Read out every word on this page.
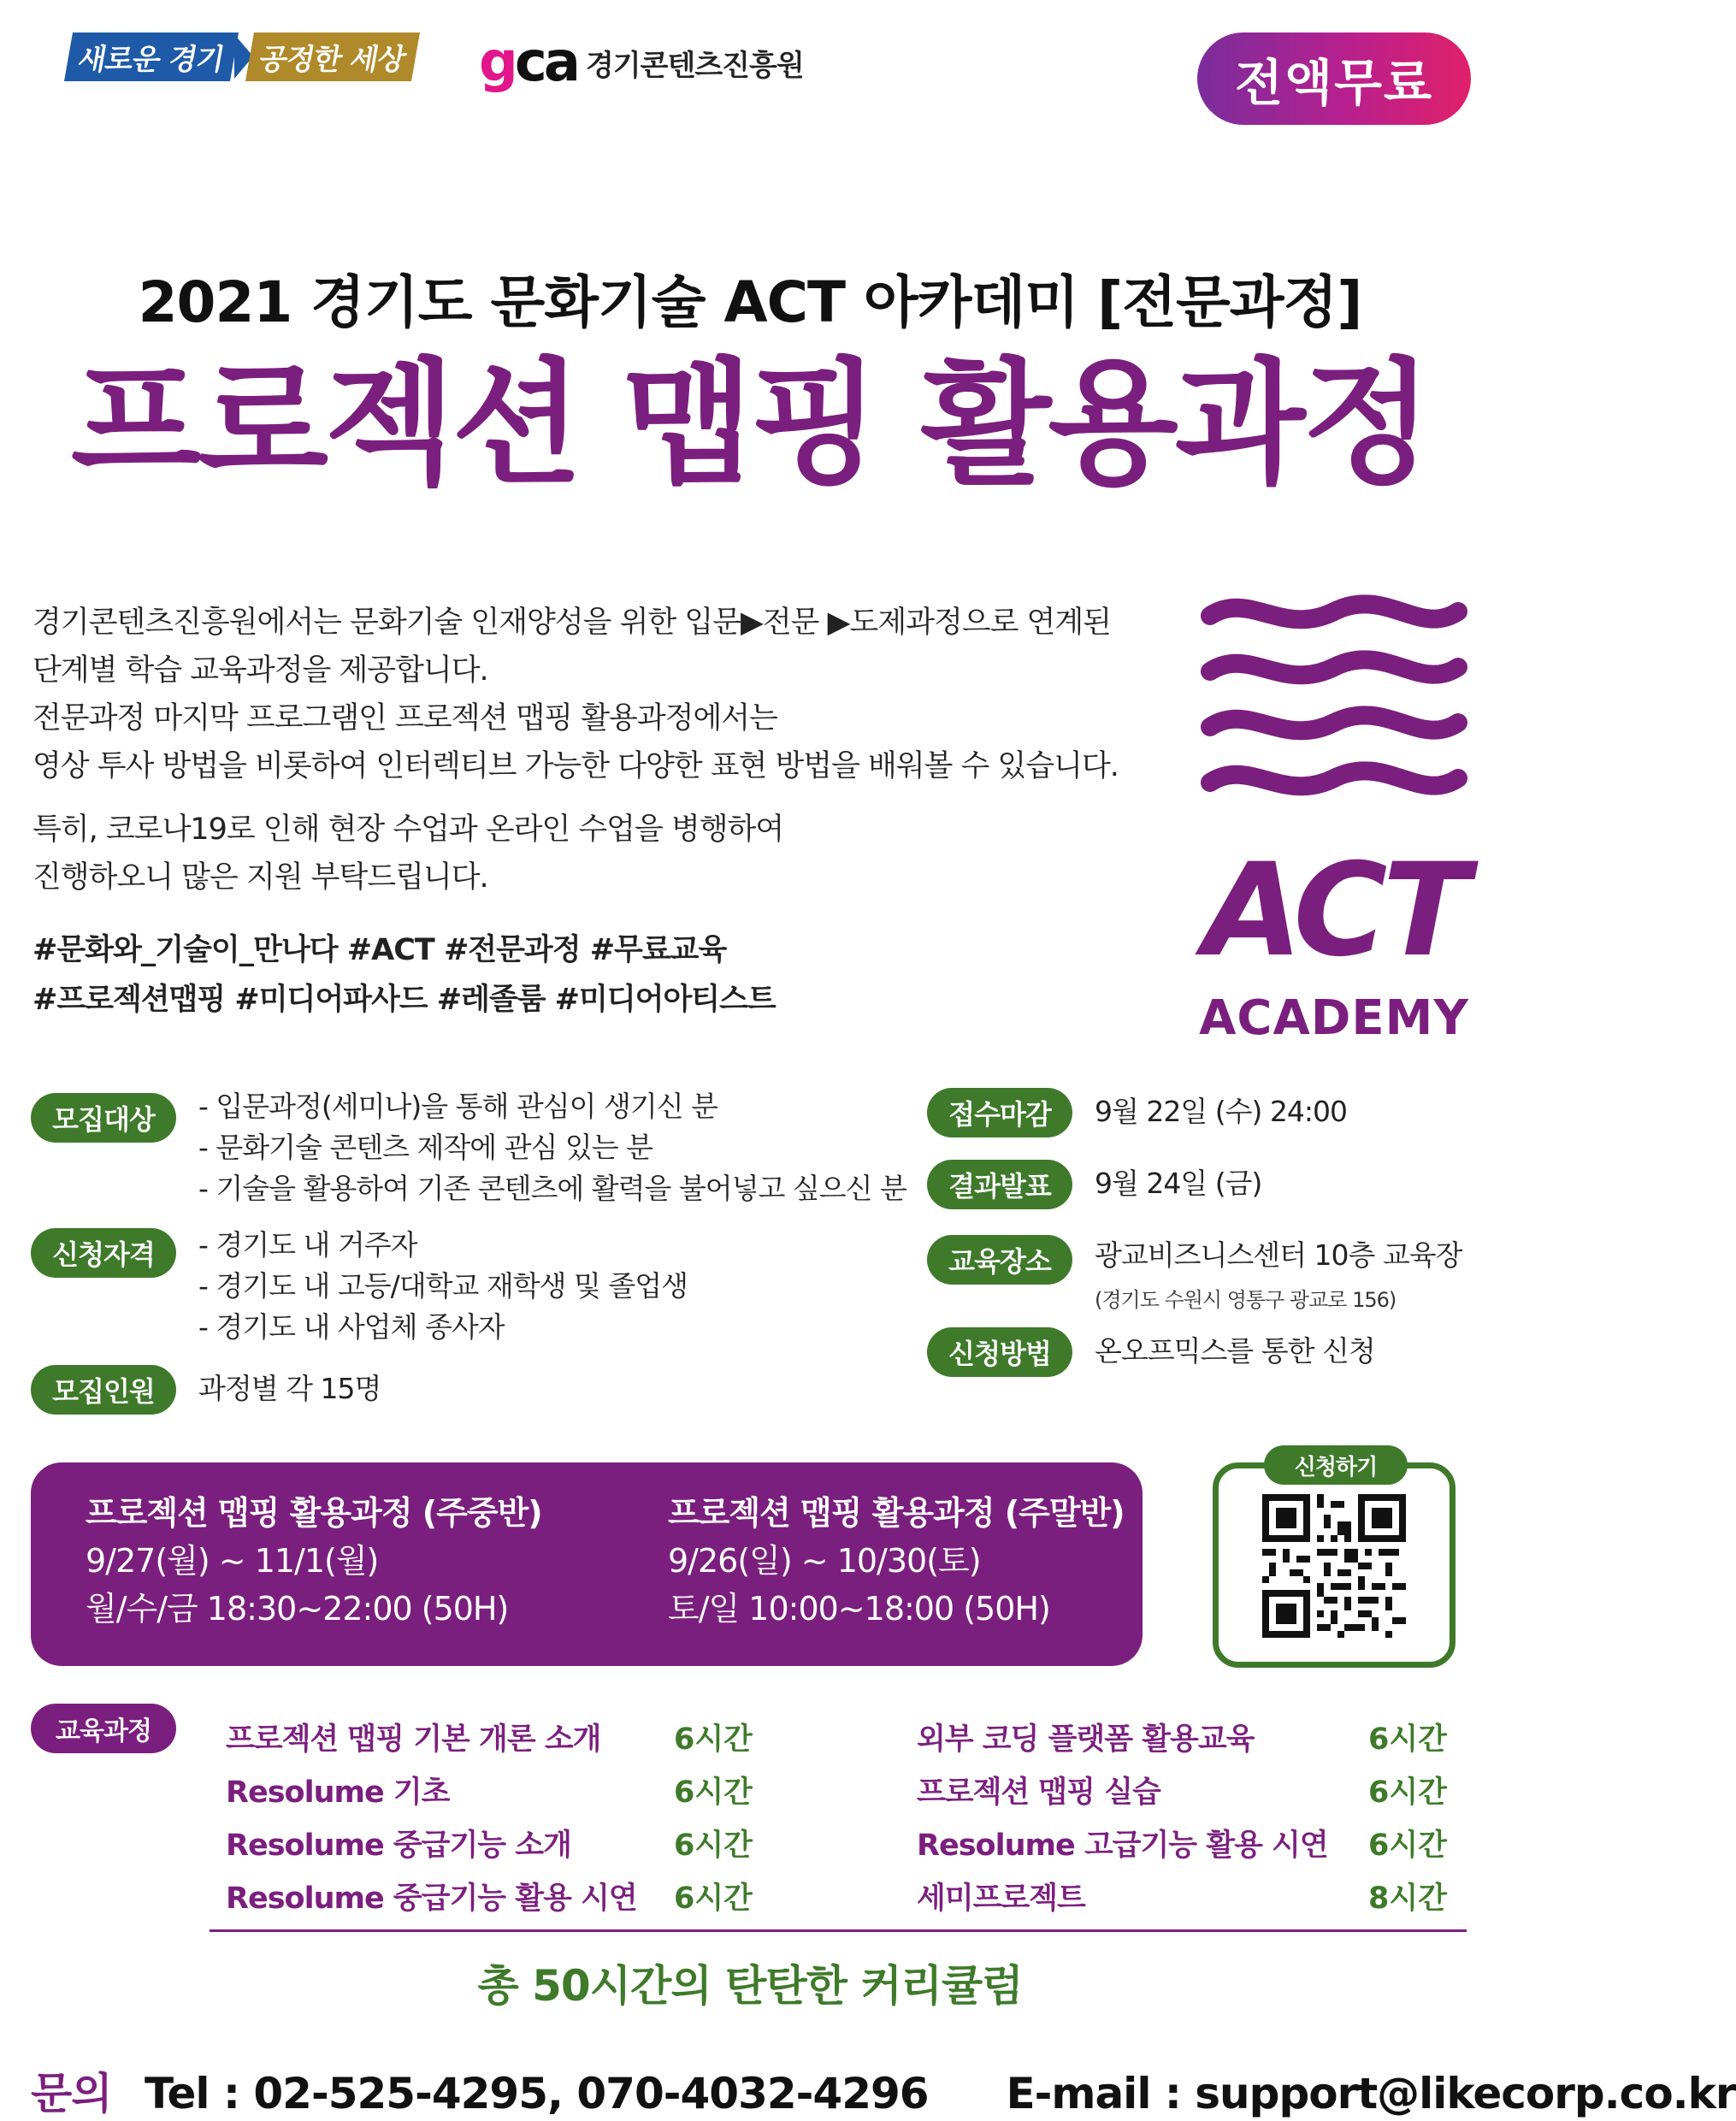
새로운 경기	공정한 세상 gca 경기콘텐츠진흥원	전액무료
2021 경기도 문화기술 ACT 아카데미 [전문과정]
프로젝션 맵핑 활용과정

경기콘텐츠진흥원에서는 문화기술 인재양성을 위한 입문▶전문 ▶도제과정으로 연계된

단계별 학습 교육과정을 제공합니다.

전문과정 마지막 프로그램인 프로젝션 맵핑 활용과정에서는

영상 투사 방법을 비롯하여 인터렉티브 가능한 다양한 표현 방법을 배워볼 수 있습니다.

특히, 코로나19로 인해 현장 수업과 온라인 수업을 병행하여

진행하오니 많은 지원 부탁드립니다.

#문화와_기술이_만나다 #ACT #전문과정 #무료교육

#프로젝션맵핑 #미디어파사드 #레졸룸 #미디어아티스트

ACT
ACADEMY
모집대상	- 입문과정(세미나)을 통해 관심이 생기신 분
- 문화기술 콘텐츠 제작에 관심 있는 분
- 기술을 활용하여 기존 콘텐츠에 활력을 불어넣고 싶으신 분
신청자격	- 경기도 내 거주자
- 경기도 내 고등/대학교 재학생 및 졸업생
- 경기도 내 사업체 종사자
모집인원	과정별 각 15명
접수마감	9월 22일 (수) 24:00
결과발표	9월 24일 (금)
교육장소	광교비즈니스센터 10층 교육장
(경기도 수원시 영통구 광교로 156)
신청방법	온오프믹스를 통한 신청
프로젝션 맵핑 활용과정 (주중반)
9/27(월) ~ 11/1(월)
월/수/금 18:30~22:00 (50H)
프로젝션 맵핑 활용과정 (주말반)
9/26(일) ~ 10/30(토)
토/일 10:00~18:00 (50H)
신청하기
교육과정	프로젝션 맵핑 기본 개론 소개 6시간
Resolume 기초	6시간
Resolume 중급기능 소개	6시간
Resolume 중급기능 활용 시연 6시간
외부 코딩 플랫폼 활용교육	6시간
프로젝션 맵핑 실습	6시간
Resolume 고급기능 활용 시연 6시간
세미프로젝트	8시간
총 50시간의 탄탄한 커리큘럼
문의 Tel : 02-525-4295, 070-4032-4296 E-mail : support@likecorp.co.kr
